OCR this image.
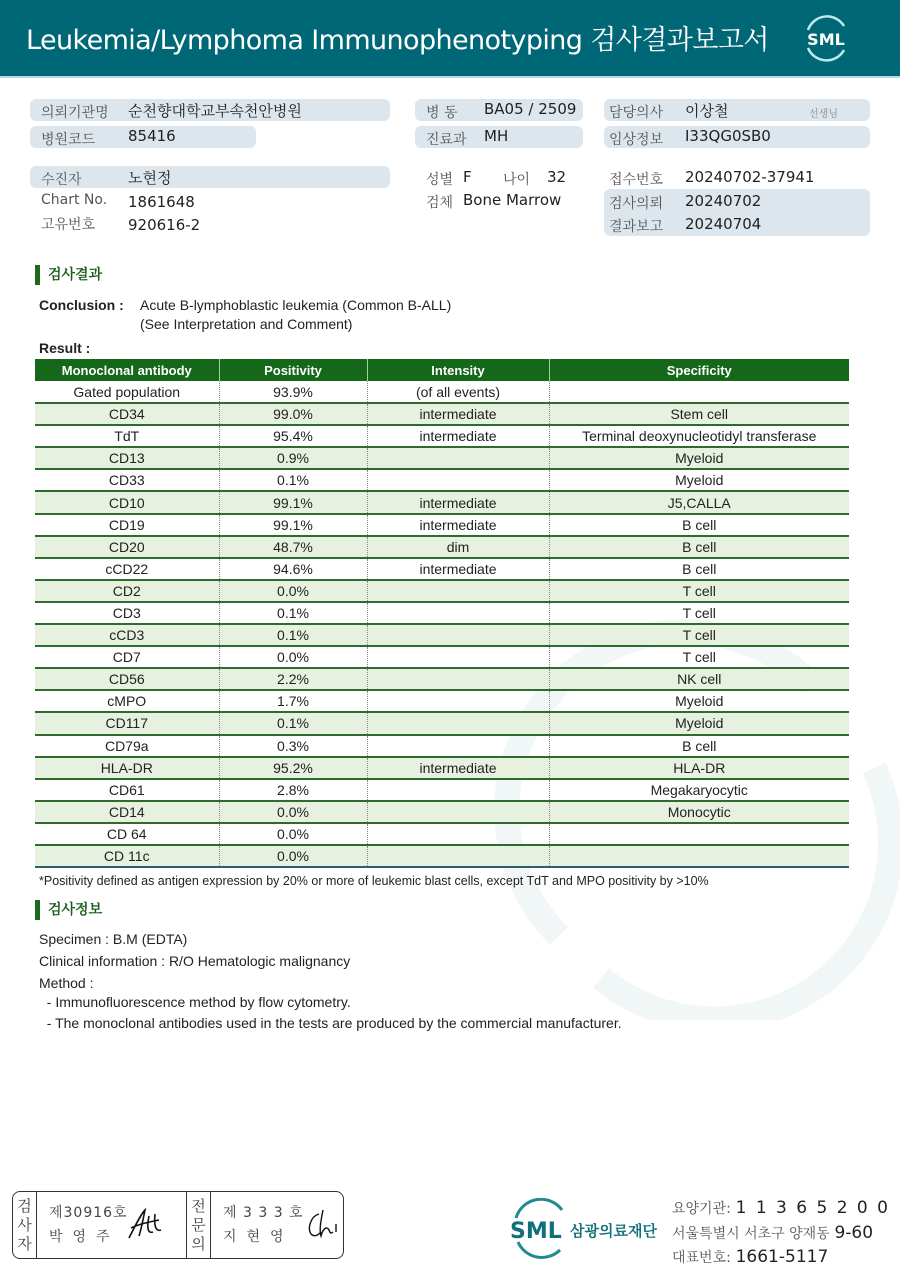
Leukemia/Lymphoma Immunophenotyping 검사결과보고서 SML
의뢰기관명 순천향대학교부속천안병원
병원코드 85416
수진자	노현정
Chart No. 1861648
고유번호 920616-2
병 동 BA05 / 2509
진료과 MH
성별 F 나이 32
검체 Bone Marrow
담당의사 이상철	선생님
임상정보 I33QG0SB0
접수번호 20240702-37941
검사의뢰 20240702
결과보고 20240704
검사결과
Conclusion : Acute B-lymphoblastic leukemia (Common B-ALL)
(See Interpretation and Comment)
Result :
Monoclonal antibody	Positivity	Intensity	Specificity
Gated population	93.9%	(of all events)	
CD34	99.0%	intermediate	Stem cell
TdT	95.4%	intermediate	Terminal deoxynucleotidyl transferase
CD13	0.9%		Myeloid
CD33	0.1%		Myeloid
CD10	99.1%	intermediate	J5,CALLA
CD19	99.1%	intermediate	B cell
CD20	48.7%	dim	B cell
cCD22	94.6%	intermediate	B cell
CD2	0.0%		T cell
CD3	0.1%		T cell
cCD3	0.1%		T cell
CD7	0.0%		T cell
CD56	2.2%		NK cell
cMPO	1.7%		Myeloid
CD117	0.1%		Myeloid
CD79a	0.3%		B cell
HLA-DR	95.2%	intermediate	HLA-DR
CD61	2.8%		Megakaryocytic
CD14	0.0%		Monocytic
CD 64	0.0%		
CD 11c	0.0%		
*Positivity defined as antigen expression by 20% or more of leukemic blast cells, except TdT and MPO positivity by >10%
검사정보
Specimen : B.M (EDTA)
Clinical information : R/O Hematologic malignancy
Method :
- Immunofluorescence method by flow cytometry.
- The monoclonal antibodies used in the tests are produced by the commercial manufacturer.
검
사
자
제30916호
박영주
전
문
의
제 3 3 3 호
지현영	SML 삼광의료재단
요양기관: 1 1 3 6 5 2 0 0
서울특별시 서초구 양재동 9-60
대표번호: 1661-5117
